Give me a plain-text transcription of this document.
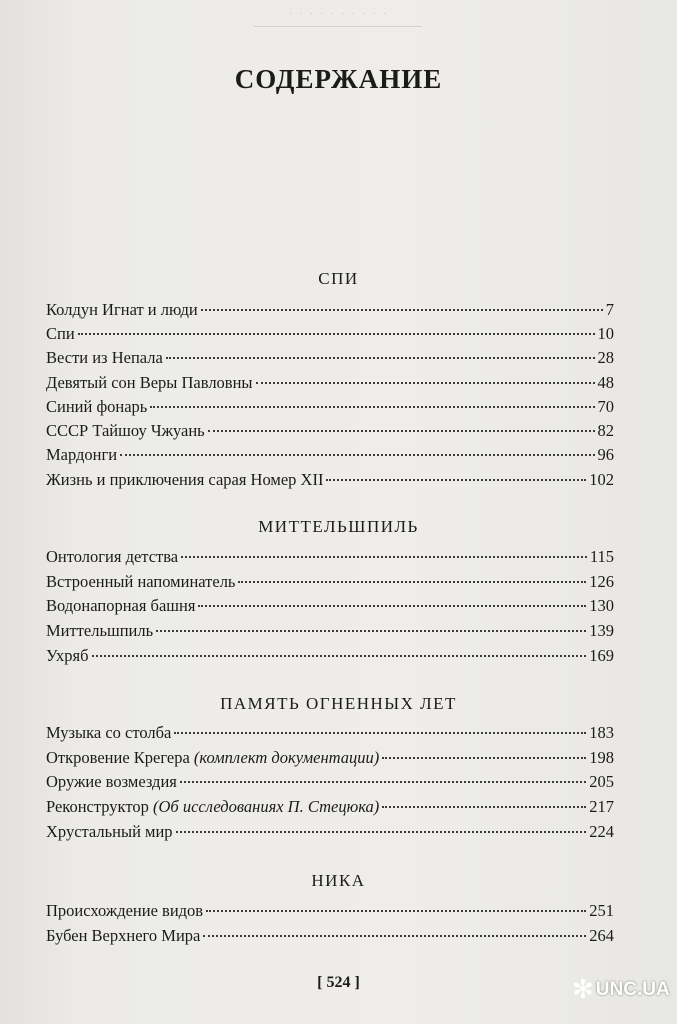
· · · · · · · · · ·
СОДЕРЖАНИЕ
СПИ
Колдун Игнат и люди	7
Спи	10
Вести из Непала	28
Девятый сон Веры Павловны	48
Синий фонарь	70
СССР Тайшоу Чжуань	82
Мардонги	96
Жизнь и приключения сарая Номер XII	102
МИТТЕЛЬШПИЛЬ
Онтология детства	115
Встроенный напоминатель	126
Водонапорная башня	130
Миттельшпиль	139
Ухряб	169
ПАМЯТЬ ОГНЕННЫХ ЛЕТ
Музыка со столба	183
Откровение Крегера (комплект документации)	198
Оружие возмездия	205
Реконструктор (Об исследованиях П. Стецюка)	217
Хрустальный мир	224
НИКА
Происхождение видов	251
Бубен Верхнего Мира	264
[ 524 ]	✻ UNC.UA
